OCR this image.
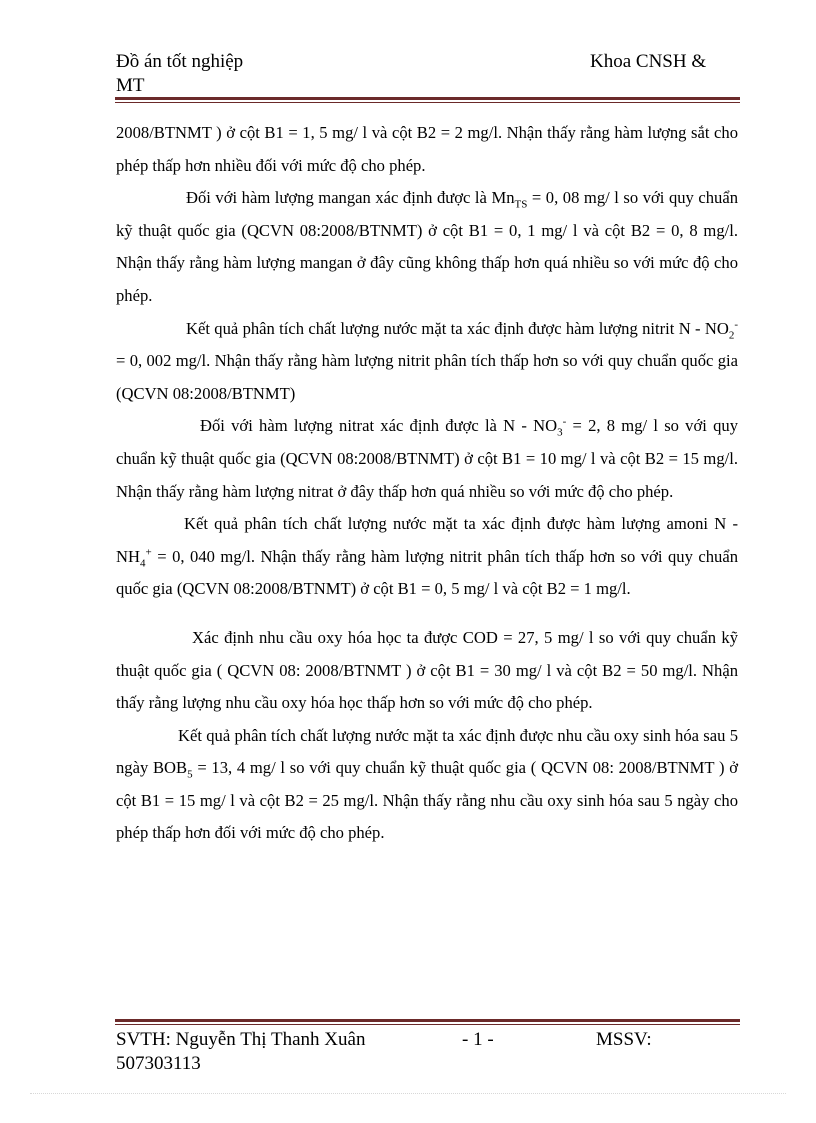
Đồ án tốt nghiệp	Khoa CNSH &
MT

2008/BTNMT ) ở cột B1 = 1, 5 mg/ l và cột B2 = 2 mg/l. Nhận thấy rằng hàm lượng sắt cho phép thấp hơn nhiều đối với mức độ cho phép.

Đối với hàm lượng mangan xác định được là $Mn_{TS} = 0$, 08 mg/ l so với quy chuẩn kỹ thuật quốc gia (QCVN 08:2008/BTNMT) ở cột B1 = 0, 1 mg/ l và cột B2 = 0, 8 mg/l. Nhận thấy rằng hàm lượng mangan ở đây cũng không thấp hơn quá nhiều so với mức độ cho phép.

Kết quả phân tích chất lượng nước mặt ta xác định được hàm lượng nitrit $N - NO_2^- = 0$, 002 mg/l. Nhận thấy rằng hàm lượng nitrit phân tích thấp hơn so với quy chuẩn quốc gia (QCVN 08:2008/BTNMT)

Đối với hàm lượng nitrat xác định được là $N - NO_3^- = 2$, 8 mg/ l so với quy chuẩn kỹ thuật quốc gia (QCVN 08:2008/BTNMT) ở cột B1 = 10 mg/ l và cột B2 = 15 mg/l. Nhận thấy rằng hàm lượng nitrat ở đây thấp hơn quá nhiều so với mức độ cho phép.

Kết quả phân tích chất lượng nước mặt ta xác định được hàm lượng amoni $N - NH_4^+ = 0$, 040 mg/l. Nhận thấy rằng hàm lượng nitrit phân tích thấp hơn so với quy chuẩn quốc gia (QCVN 08:2008/BTNMT) ở cột B1 = 0, 5 mg/ l và cột B2 = 1 mg/l.

Xác định nhu cầu oxy hóa học ta được COD = 27, 5 mg/ l so với quy chuẩn kỹ thuật quốc gia ( QCVN 08: 2008/BTNMT ) ở cột B1 = 30 mg/ l và cột B2 = 50 mg/l. Nhận thấy rằng lượng nhu cầu oxy hóa học thấp hơn so với mức độ cho phép.

Kết quả phân tích chất lượng nước mặt ta xác định được nhu cầu oxy sinh hóa sau 5 ngày $BOB_5 = 13$, 4 mg/ l so với quy chuẩn kỹ thuật quốc gia ( QCVN 08: 2008/BTNMT ) ở cột B1 = 15 mg/ l và cột B2 = 25 mg/l. Nhận thấy rằng nhu cầu oxy sinh hóa sau 5 ngày cho phép thấp hơn đối với mức độ cho phép.

SVTH: Nguyễn Thị Thanh Xuân	- 1 -	MSSV:
507303113
